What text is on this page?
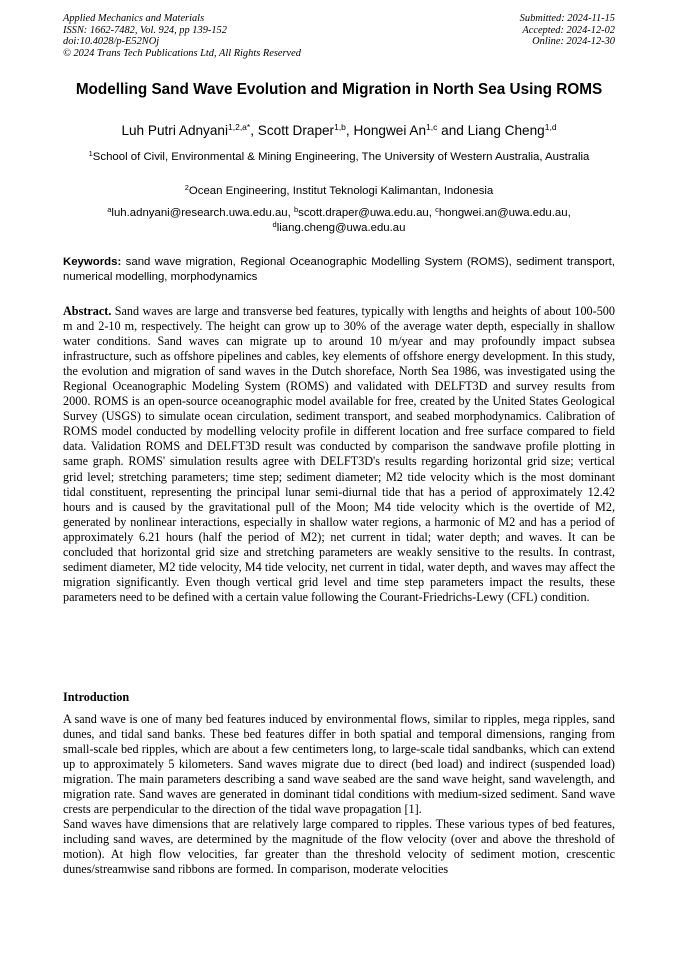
Applied Mechanics and Materials
ISSN: 1662-7482, Vol. 924, pp 139-152
doi:10.4028/p-E52NOj
© 2024 Trans Tech Publications Ltd, All Rights Reserved
Submitted: 2024-11-15
Accepted: 2024-12-02
Online: 2024-12-30
Modelling Sand Wave Evolution and Migration in North Sea Using ROMS
Luh Putri Adnyani$^{1,2,a*}$, Scott Draper$^{1,b}$, Hongwei An$^{1,c}$ and Liang Cheng$^{1,d}$
$^1$School of Civil, Environmental & Mining Engineering, The University of Western Australia, Australia
$^2$Ocean Engineering, Institut Teknologi Kalimantan, Indonesia
$^a$luh.adnyani@research.uwa.edu.au, $^b$scott.draper@uwa.edu.au, $^c$hongwei.an@uwa.edu.au, $^d$liang.cheng@uwa.edu.au
Keywords: sand wave migration, Regional Oceanographic Modelling System (ROMS), sediment transport, numerical modelling, morphodynamics
Abstract. Sand waves are large and transverse bed features, typically with lengths and heights of about 100-500 m and 2-10 m, respectively. The height can grow up to 30% of the average water depth, especially in shallow water conditions. Sand waves can migrate up to around 10 m/year and may profoundly impact subsea infrastructure, such as offshore pipelines and cables, key elements of offshore energy development. In this study, the evolution and migration of sand waves in the Dutch shoreface, North Sea 1986, was investigated using the Regional Oceanographic Modeling System (ROMS) and validated with DELFT3D and survey results from 2000. ROMS is an open-source oceanographic model available for free, created by the United States Geological Survey (USGS) to simulate ocean circulation, sediment transport, and seabed morphodynamics. Calibration of ROMS model conducted by modelling velocity profile in different location and free surface compared to field data. Validation ROMS and DELFT3D result was conducted by comparison the sandwave profile plotting in same graph. ROMS' simulation results agree with DELFT3D's results regarding horizontal grid size; vertical grid level; stretching parameters; time step; sediment diameter; M2 tide velocity which is the most dominant tidal constituent, representing the principal lunar semi-diurnal tide that has a period of approximately 12.42 hours and is caused by the gravitational pull of the Moon; M4 tide velocity which is the overtide of M2, generated by nonlinear interactions, especially in shallow water regions, a harmonic of M2 and has a period of approximately 6.21 hours (half the period of M2); net current in tidal; water depth; and waves. It can be concluded that horizontal grid size and stretching parameters are weakly sensitive to the results. In contrast, sediment diameter, M2 tide velocity, M4 tide velocity, net current in tidal, water depth, and waves may affect the migration significantly. Even though vertical grid level and time step parameters impact the results, these parameters need to be defined with a certain value following the Courant-Friedrichs-Lewy (CFL) condition.
Introduction

A sand wave is one of many bed features induced by environmental flows, similar to ripples, mega ripples, sand dunes, and tidal sand banks. These bed features differ in both spatial and temporal dimensions, ranging from small-scale bed ripples, which are about a few centimeters long, to large-scale tidal sandbanks, which can extend up to approximately 5 kilometers. Sand waves migrate due to direct (bed load) and indirect (suspended load) migration. The main parameters describing a sand wave seabed are the sand wave height, sand wavelength, and migration rate. Sand waves are generated in dominant tidal conditions with medium-sized sediment. Sand wave crests are perpendicular to the direction of the tidal wave propagation [1].

Sand waves have dimensions that are relatively large compared to ripples. These various types of bed features, including sand waves, are determined by the magnitude of the flow velocity (over and above the threshold of motion). At high flow velocities, far greater than the threshold velocity of sediment motion, crescentic dunes/streamwise sand ribbons are formed. In comparison, moderate velocities
